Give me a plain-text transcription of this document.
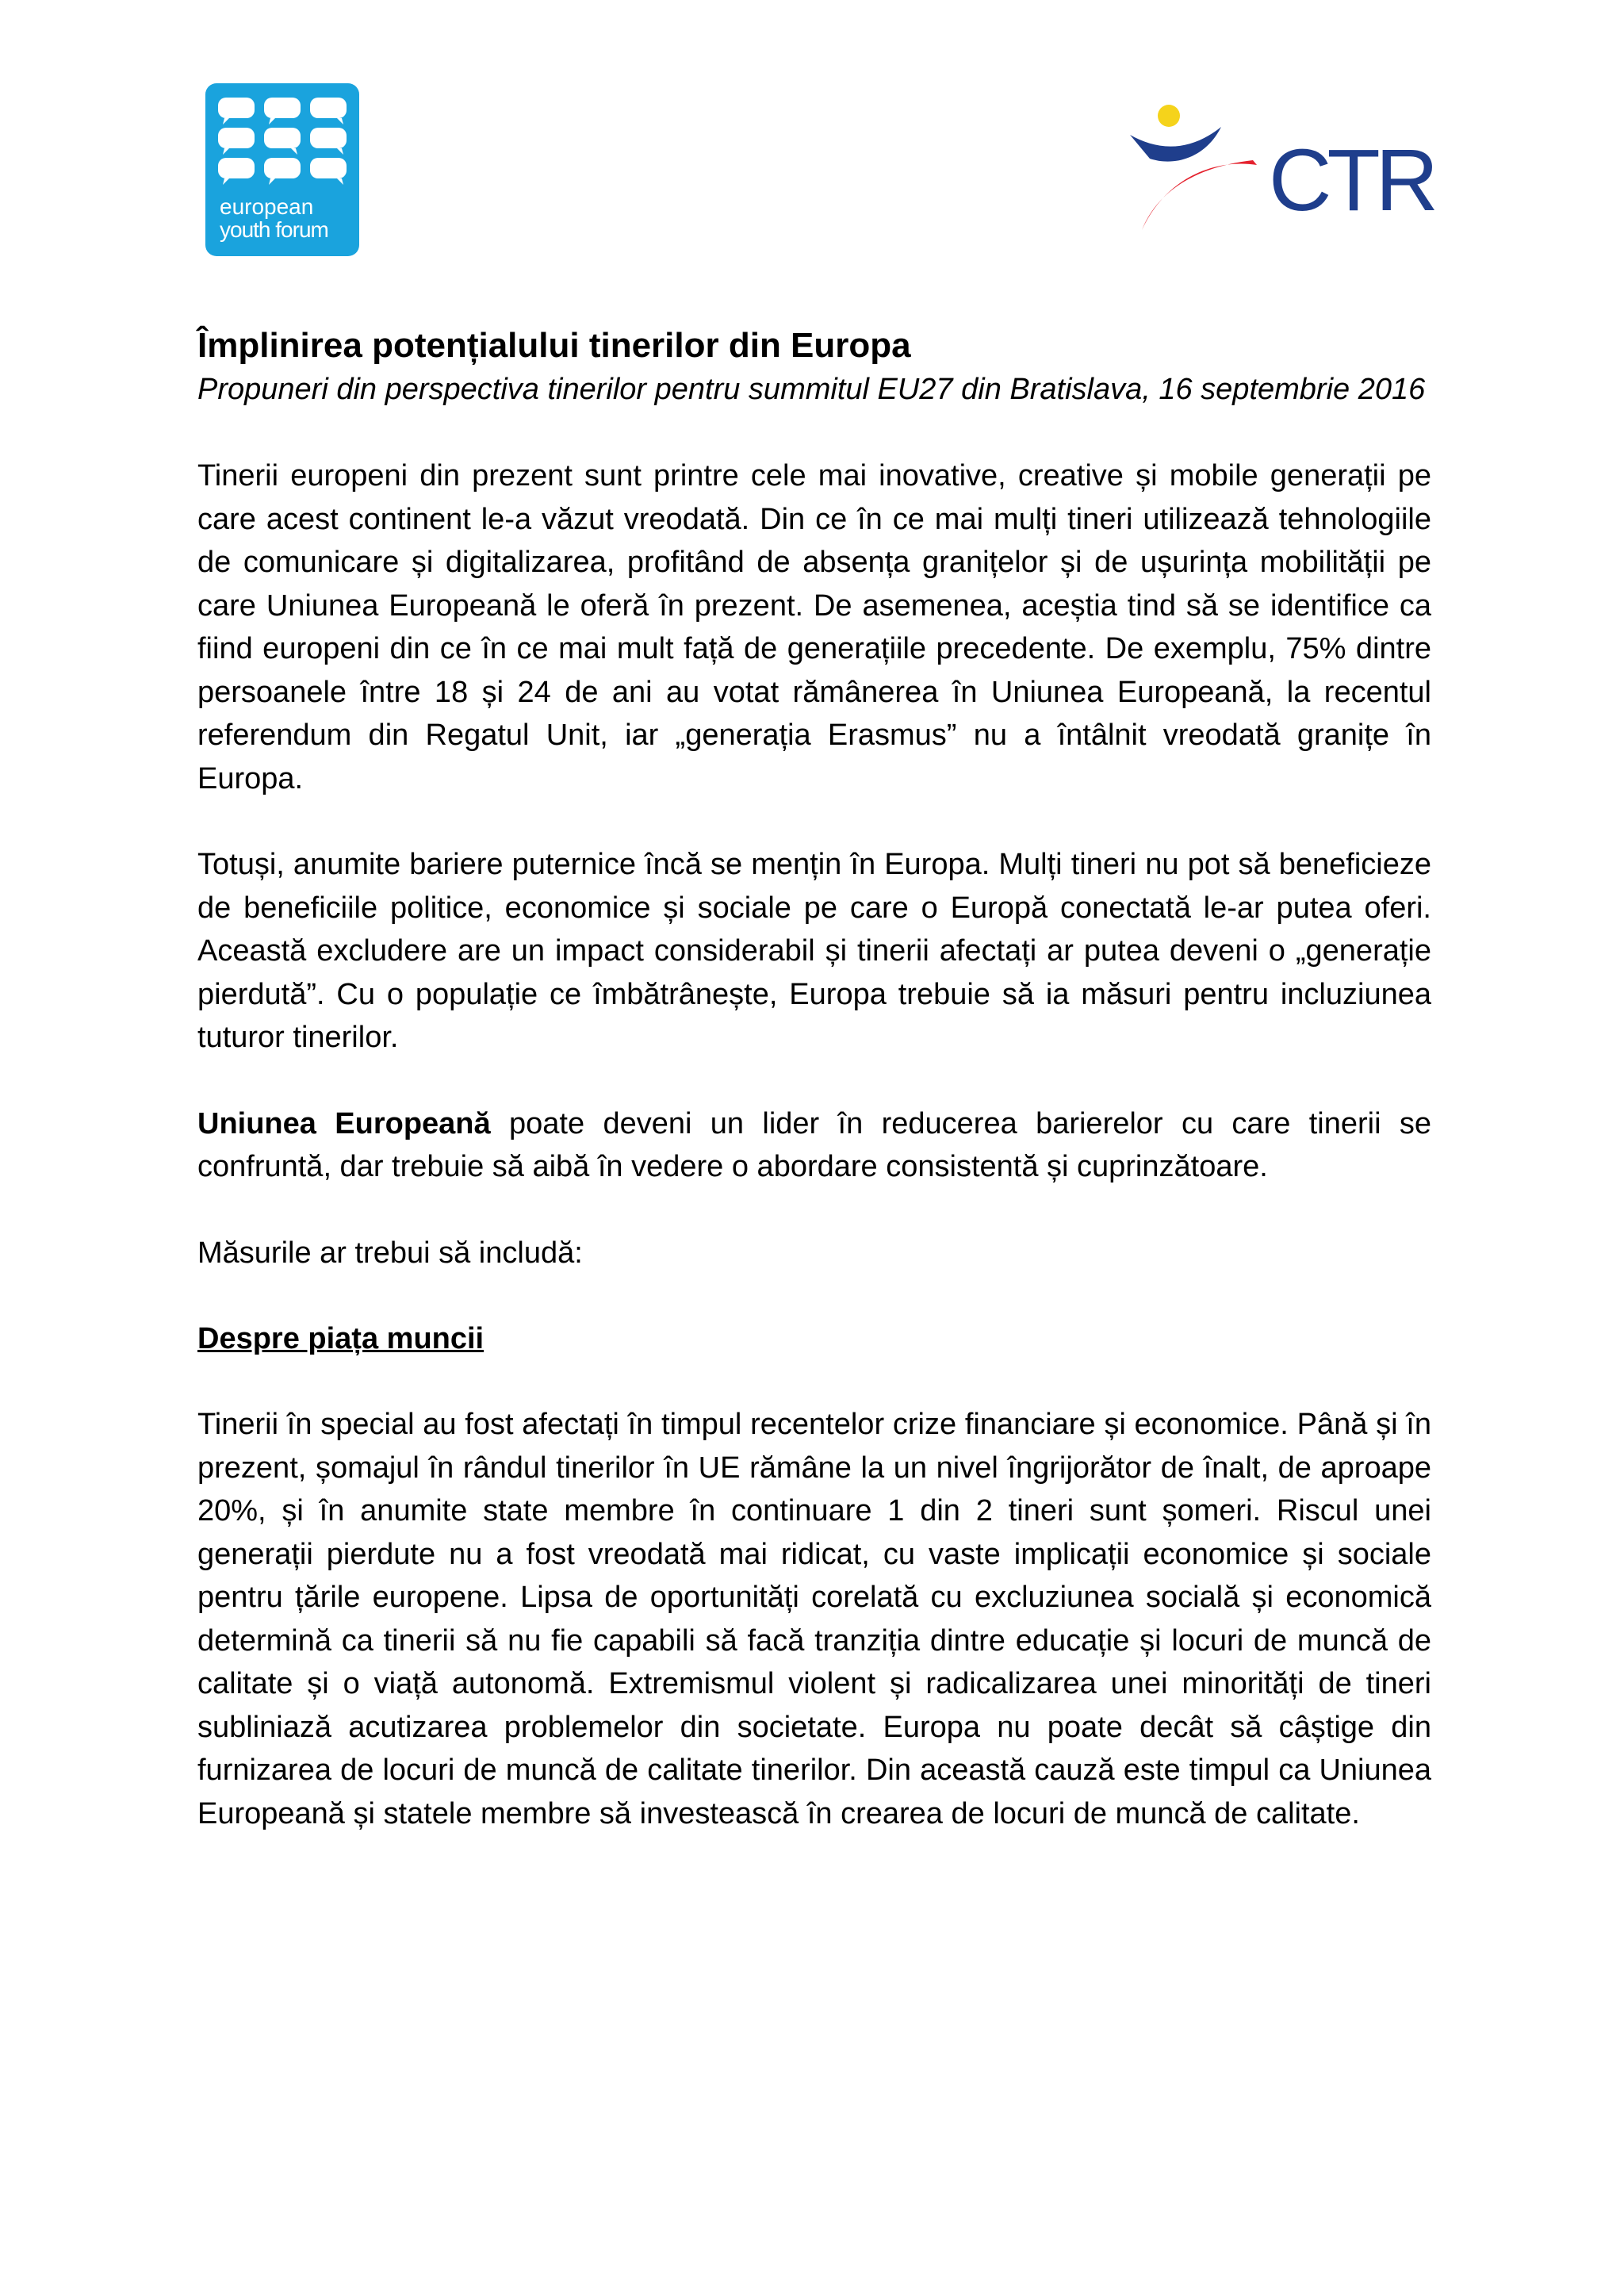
european
youth forum
CTR
Împlinirea potențialului tinerilor din Europa

Propuneri din perspectiva tinerilor pentru summitul EU27 din Bratislava, 16 septembrie 2016

Tinerii europeni din prezent sunt printre cele mai inovative, creative și mobile generații pe care acest continent le-a văzut vreodată. Din ce în ce mai mulți tineri utilizează tehnologiile de comunicare și digitalizarea, profitând de absența granițelor și de ușurința mobilității pe care Uniunea Europeană le oferă în prezent. De asemenea, aceștia tind să se identifice ca fiind europeni din ce în ce mai mult față de generațiile precedente. De exemplu, 75% dintre persoanele între 18 și 24 de ani au votat rămânerea în Uniunea Europeană, la recentul referendum din Regatul Unit, iar „generația Erasmus” nu a întâlnit vreodată granițe în Europa.

Totuși, anumite bariere puternice încă se mențin în Europa. Mulți tineri nu pot să beneficieze de beneficiile politice, economice și sociale pe care o Europă conectată le-ar putea oferi. Această excludere are un impact considerabil și tinerii afectați ar putea deveni o „generație pierdută”. Cu o populație ce îmbătrânește, Europa trebuie să ia măsuri pentru incluziunea tuturor tinerilor.

Uniunea Europeană poate deveni un lider în reducerea barierelor cu care tinerii se confruntă, dar trebuie să aibă în vedere o abordare consistentă și cuprinzătoare.

Măsurile ar trebui să includă:

Despre piața muncii

Tinerii în special au fost afectați în timpul recentelor crize financiare și economice. Până și în prezent, șomajul în rândul tinerilor în UE rămâne la un nivel îngrijorător de înalt, de aproape 20%, și în anumite state membre în continuare 1 din 2 tineri sunt șomeri. Riscul unei generații pierdute nu a fost vreodată mai ridicat, cu vaste implicații economice și sociale pentru țările europene. Lipsa de oportunități corelată cu excluziunea socială și economică determină ca tinerii să nu fie capabili să facă tranziția dintre educație și locuri de muncă de calitate și o viață autonomă. Extremismul violent și radicalizarea unei minorități de tineri subliniază acutizarea problemelor din societate. Europa nu poate decât să câștige din furnizarea de locuri de muncă de calitate tinerilor. Din această cauză este timpul ca Uniunea Europeană și statele membre să investească în crearea de locuri de muncă de calitate.
